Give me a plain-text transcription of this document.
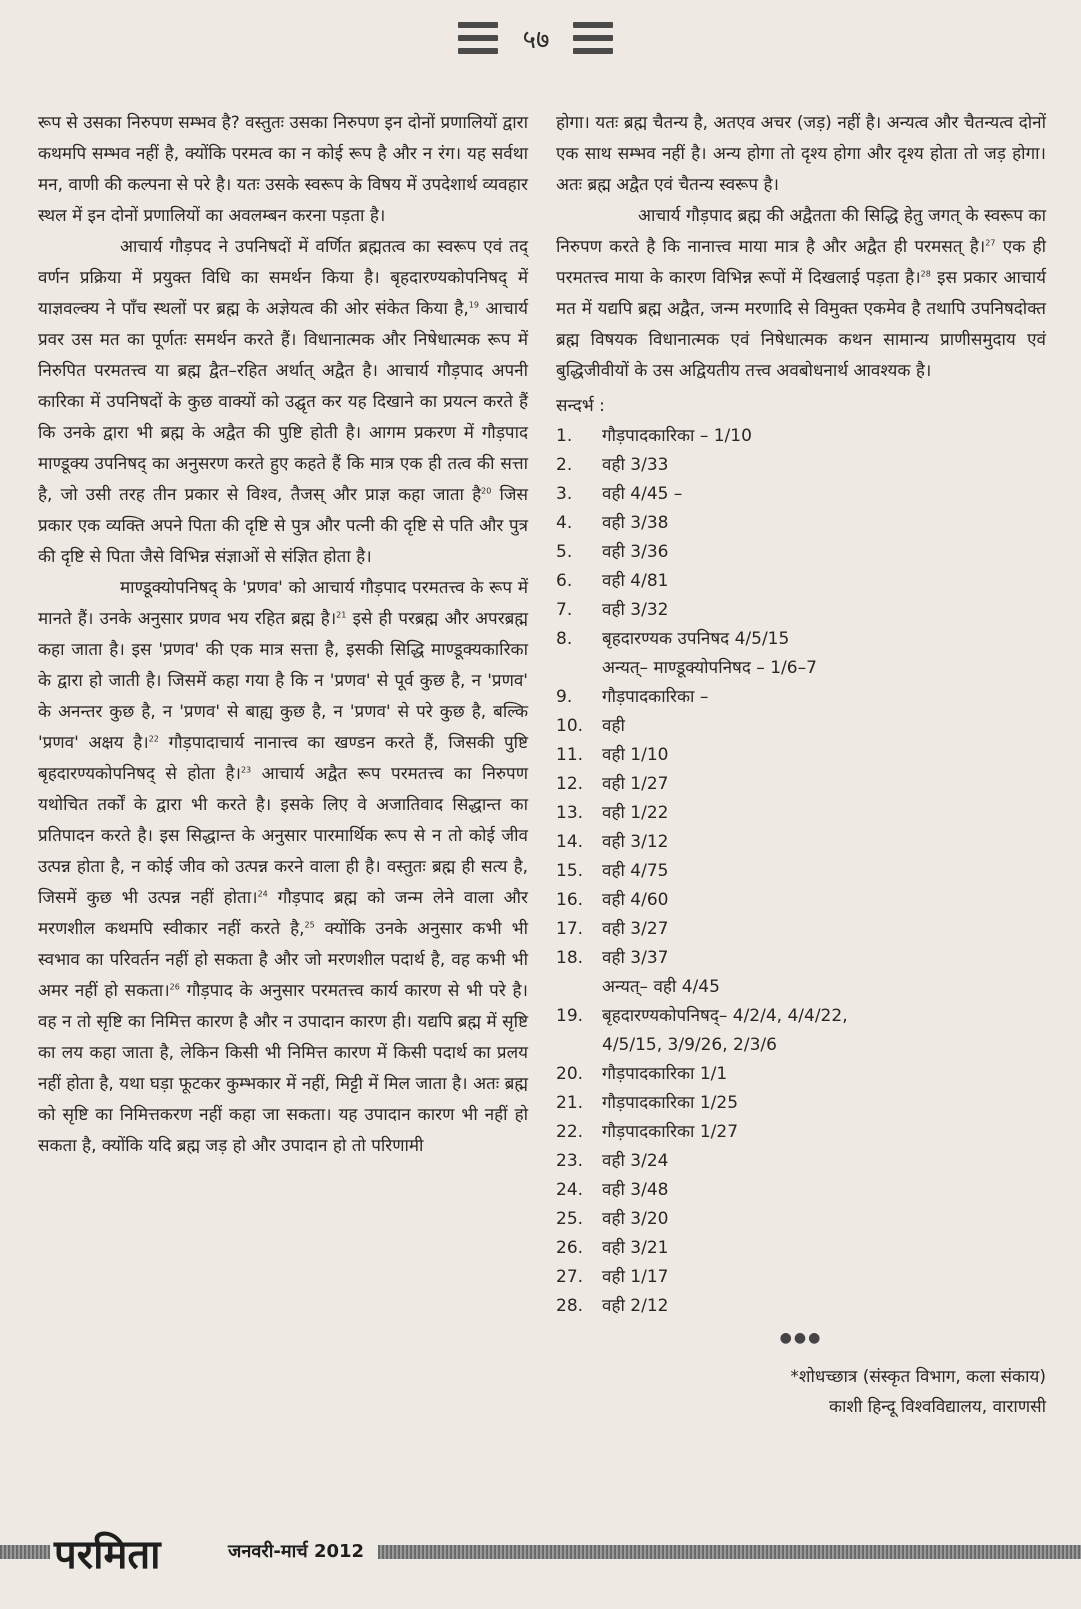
५७

रूप से उसका निरुपण सम्भव है? वस्तुतः उसका निरुपण इन दोनों प्रणालियों द्वारा कथमपि सम्भव नहीं है, क्योंकि परमत्व का न कोई रूप है और न रंग। यह सर्वथा मन, वाणी की कल्पना से परे है। यतः उसके स्वरूप के विषय में उपदेशार्थ व्यवहार स्थल में इन दोनों प्रणालियों का अवलम्बन करना पड़ता है।

आचार्य गौड़पद ने उपनिषदों में वर्णित ब्रह्मतत्व का स्वरूप एवं तद् वर्णन प्रक्रिया में प्रयुक्त विधि का समर्थन किया है। बृहदारण्यकोपनिषद् में याज्ञवल्क्य ने पाँच स्थलों पर ब्रह्म के अज्ञेयत्व की ओर संकेत किया है,$^{19}$ आचार्य प्रवर उस मत का पूर्णतः समर्थन करते हैं। विधानात्मक और निषेधात्मक रूप में निरुपित परमतत्त्व या ब्रह्म द्वैत–रहित अर्थात् अद्वैत है। आचार्य गौड़पाद अपनी कारिका में उपनिषदों के कुछ वाक्यों को उद्घृत कर यह दिखाने का प्रयत्न करते हैं कि उनके द्वारा भी ब्रह्म के अद्वैत की पुष्टि होती है। आगम प्रकरण में गौड़पाद माण्डूक्य उपनिषद् का अनुसरण करते हुए कहते हैं कि मात्र एक ही तत्व की सत्ता है, जो उसी तरह तीन प्रकार से विश्व, तैजस् और प्राज्ञ कहा जाता है$^{20}$ जिस प्रकार एक व्यक्ति अपने पिता की दृष्टि से पुत्र और पत्नी की दृष्टि से पति और पुत्र की दृष्टि से पिता जैसे विभिन्न संज्ञाओं से संज्ञित होता है।

माण्डूक्योपनिषद् के 'प्रणव' को आचार्य गौड़पाद परमतत्त्व के रूप में मानते हैं। उनके अनुसार प्रणव भय रहित ब्रह्म है।$^{21}$ इसे ही परब्रह्म और अपरब्रह्म कहा जाता है। इस 'प्रणव' की एक मात्र सत्ता है, इसकी सिद्धि माण्डूक्यकारिका के द्वारा हो जाती है। जिसमें कहा गया है कि न 'प्रणव' से पूर्व कुछ है, न 'प्रणव' के अनन्तर कुछ है, न 'प्रणव' से बाह्य कुछ है, न 'प्रणव' से परे कुछ है, बल्कि 'प्रणव' अक्षय है।$^{22}$ गौड़पादाचार्य नानात्त्व का खण्डन करते हैं, जिसकी पुष्टि बृहदारण्यकोपनिषद् से होता है।$^{23}$ आचार्य अद्वैत रूप परमतत्त्व का निरुपण यथोचित तर्कों के द्वारा भी करते है। इसके लिए वे अजातिवाद सिद्धान्त का प्रतिपादन करते है। इस सिद्धान्त के अनुसार पारमार्थिक रूप से न तो कोई जीव उत्पन्न होता है, न कोई जीव को उत्पन्न करने वाला ही है। वस्तुतः ब्रह्म ही सत्य है, जिसमें कुछ भी उत्पन्न नहीं होता।$^{24}$ गौड़पाद ब्रह्म को जन्म लेने वाला और मरणशील कथमपि स्वीकार नहीं करते है,$^{25}$ क्योंकि उनके अनुसार कभी भी स्वभाव का परिवर्तन नहीं हो सकता है और जो मरणशील पदार्थ है, वह कभी भी अमर नहीं हो सकता।$^{26}$ गौड़पाद के अनुसार परमतत्त्व कार्य कारण से भी परे है। वह न तो सृष्टि का निमित्त कारण है और न उपादान कारण ही। यद्यपि ब्रह्म में सृष्टि का लय कहा जाता है, लेकिन किसी भी निमित्त कारण में किसी पदार्थ का प्रलय नहीं होता है, यथा घड़ा फूटकर कुम्भकार में नहीं, मिट्टी में मिल जाता है। अतः ब्रह्म को सृष्टि का निमित्तकरण नहीं कहा जा सकता। यह उपादान कारण भी नहीं हो सकता है, क्योंकि यदि ब्रह्म जड़ हो और उपादान हो तो परिणामी

होगा। यतः ब्रह्म चैतन्य है, अतएव अचर (जड़) नहीं है। अन्यत्व और चैतन्यत्व दोनों एक साथ सम्भव नहीं है। अन्य होगा तो दृश्य होगा और दृश्य होता तो जड़ होगा। अतः ब्रह्म अद्वैत एवं चैतन्य स्वरूप है।

आचार्य गौड़पाद ब्रह्म की अद्वैतता की सिद्धि हेतु जगत् के स्वरूप का निरुपण करते है कि नानात्त्व माया मात्र है और अद्वैत ही परमसत् है।$^{27}$ एक ही परमतत्त्व माया के कारण विभिन्न रूपों में दिखलाई पड़ता है।$^{28}$ इस प्रकार आचार्य मत में यद्यपि ब्रह्म अद्वैत, जन्म मरणादि से विमुक्त एकमेव है तथापि उपनिषदोक्त ब्रह्म विषयक विधानात्मक एवं निषेधात्मक कथन सामान्य प्राणीसमुदाय एवं बुद्धिजीवीयों के उस अद्वियतीय तत्त्व अवबोधनार्थ आवश्यक है।

सन्दर्भ :
1.	गौड़पादकारिका – 1/10
2.	वही 3/33
3.	वही 4/45 –
4.	वही 3/38
5.	वही 3/36
6.	वही 4/81
7.	वही 3/32
8.	बृहदारण्यक उपनिषद 4/5/15
अन्यत्– माण्डूक्योपनिषद – 1/6–7
9.	गौड़पादकारिका –
10. वही
11. वही 1/10
12. वही 1/27
13. वही 1/22
14. वही 3/12
15. वही 4/75
16. वही 4/60
17. वही 3/27
18. वही 3/37
अन्यत्– वही 4/45
19. बृहदारण्यकोपनिषद्– 4/2/4, 4/4/22,
4/5/15, 3/9/26, 2/3/6
20. गौड़पादकारिका 1/1
21. गौड़पादकारिका 1/25
22. गौड़पादकारिका 1/27
23. वही 3/24
24. वही 3/48
25. वही 3/20
26. वही 3/21
27. वही 1/17
28. वही 2/12
●●●
*शोधच्छात्र (संस्कृत विभाग, कला संकाय)
काशी हिन्दू विश्वविद्यालय, वाराणसी
परमिता	जनवरी-मार्च 2012
